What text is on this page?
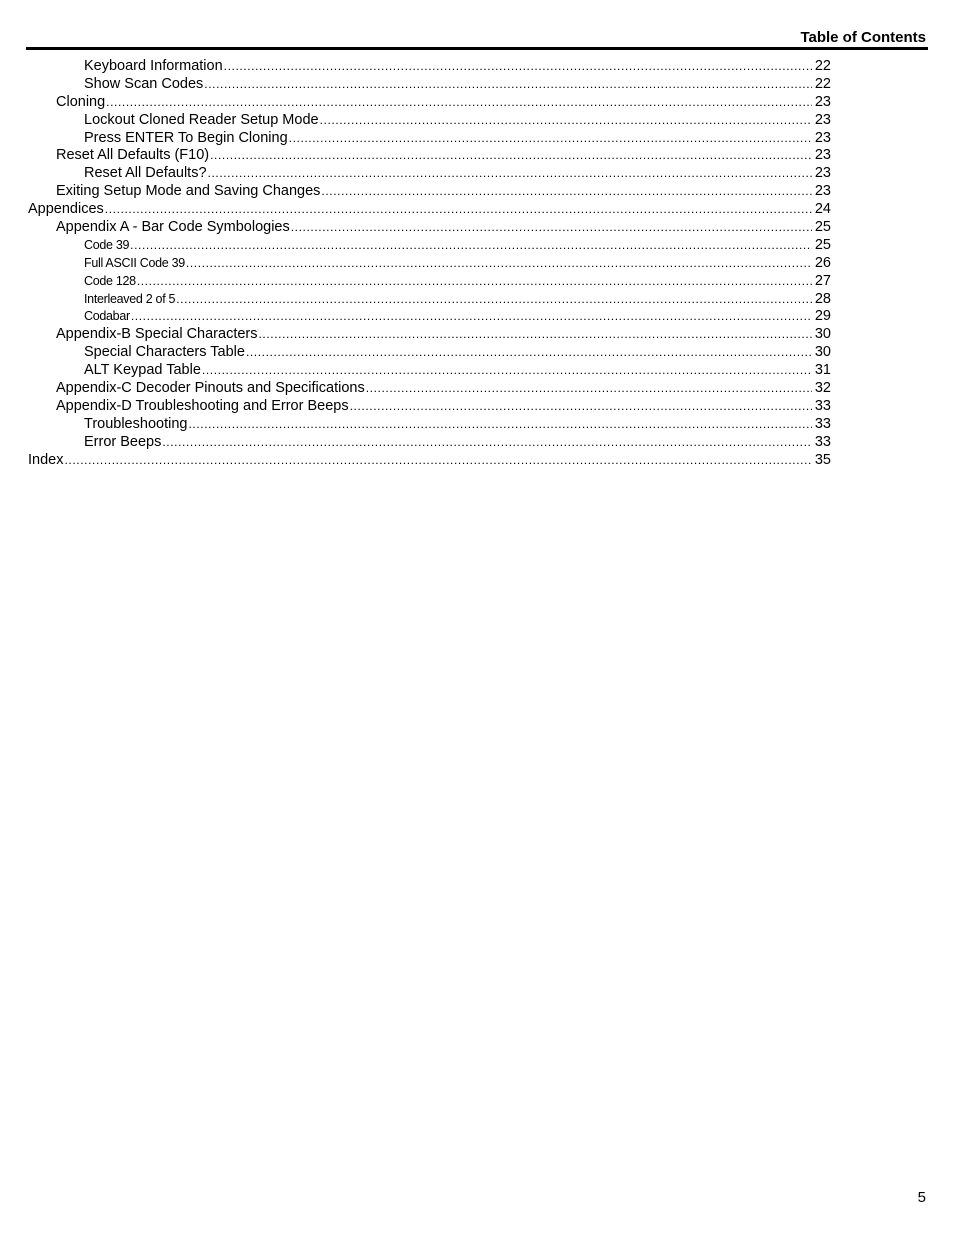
Table of Contents
Keyboard Information .....	22
Show Scan Codes .....	22
Cloning .....	23
Lockout Cloned Reader Setup Mode .....	23
Press ENTER To Begin Cloning .....	23
Reset All Defaults (F10) .....	23
Reset All Defaults? .....	23
Exiting Setup Mode and Saving Changes .....	23
Appendices .....	24
Appendix A - Bar Code Symbologies .....	25
Code 39 .....	25
Full ASCII Code 39 .....	26
Code 128 .....	27
Interleaved 2 of 5 .....	28
Codabar .....	29
Appendix-B Special Characters .....	30
Special Characters Table .....	30
ALT Keypad Table .....	31
Appendix-C Decoder Pinouts and Specifications .....	32
Appendix-D Troubleshooting and Error Beeps .....	33
Troubleshooting .....	33
Error Beeps .....	33
Index .....	35
5
